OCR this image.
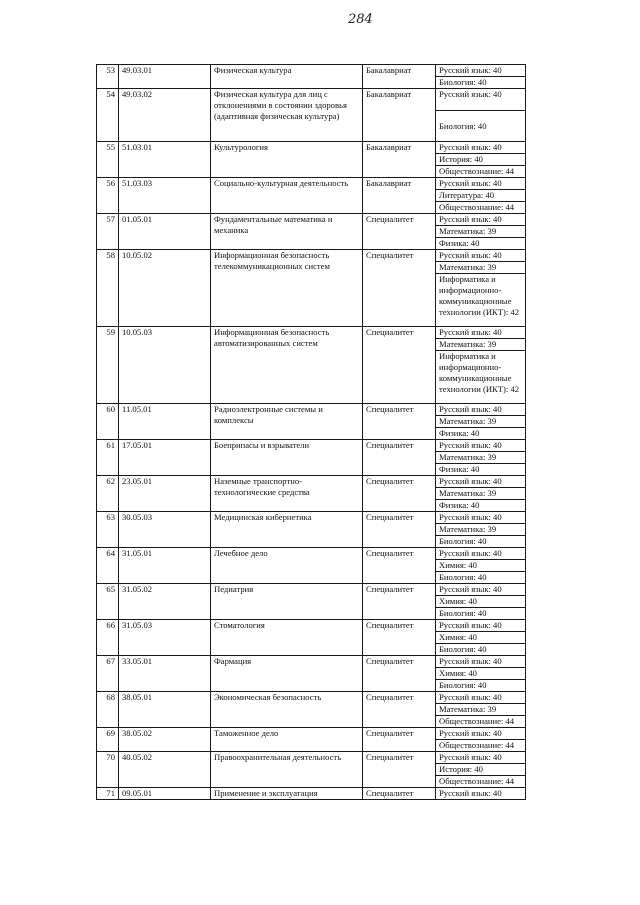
284
53	49.03.01	Физическая культура	Бакалавриат	Русский язык: 40
				Биология: 40
54	49.03.02	Физическая культура для лиц с отклонениями в состоянии здоровья (адаптивная физическая культура)	Бакалавриат	Русский язык: 40
				Биология: 40
55	51.03.01	Культурология	Бакалавриат	Русский язык: 40
				История: 40
				Обществознание: 44
56	51.03.03	Социально-культурная деятельность	Бакалавриат	Русский язык: 40
				Литература: 40
				Обществознание: 44
57	01.05.01	Фундаментальные математика и механика	Специалитет	Русский язык: 40
				Математика: 39
				Физика: 40
58	10.05.02	Информационная безопасность телекоммуникационных систем	Специалитет	Русский язык: 40
				Математика: 39
				Информатика и информационно-коммуникационные технологии (ИКТ): 42
59	10.05.03	Информационная безопасность автоматизированных систем	Специалитет	Русский язык: 40
				Математика: 39
				Информатика и информационно-коммуникационные технологии (ИКТ): 42
60	11.05.01	Радиоэлектронные системы и комплексы	Специалитет	Русский язык: 40
				Математика: 39
				Физика: 40
61	17.05.01	Боеприпасы и взрыватели	Специалитет	Русский язык: 40
				Математика: 39
				Физика: 40
62	23.05.01	Наземные транспортно-технологические средства	Специалитет	Русский язык: 40
				Математика: 39
				Физика: 40
63	30.05.03	Медицинская кибернетика	Специалитет	Русский язык: 40
				Математика: 39
				Биология: 40
64	31.05.01	Лечебное дело	Специалитет	Русский язык: 40
				Химия: 40
				Биология: 40
65	31.05.02	Педиатрия	Специалитет	Русский язык: 40
				Химия: 40
				Биология: 40
66	31.05.03	Стоматология	Специалитет	Русский язык: 40
				Химия: 40
				Биология: 40
67	33.05.01	Фармация	Специалитет	Русский язык: 40
				Химия: 40
				Биология: 40
68	38.05.01	Экономическая безопасность	Специалитет	Русский язык: 40
				Математика: 39
				Обществознание: 44
69	38.05.02	Таможенное дело	Специалитет	Русский язык: 40
				Обществознание: 44
70	40.05.02	Правоохранительная деятельность	Специалитет	Русский язык: 40
				История: 40
				Обществознание: 44
71	09.05.01	Применение и эксплуатация	Специалитет	Русский язык: 40
